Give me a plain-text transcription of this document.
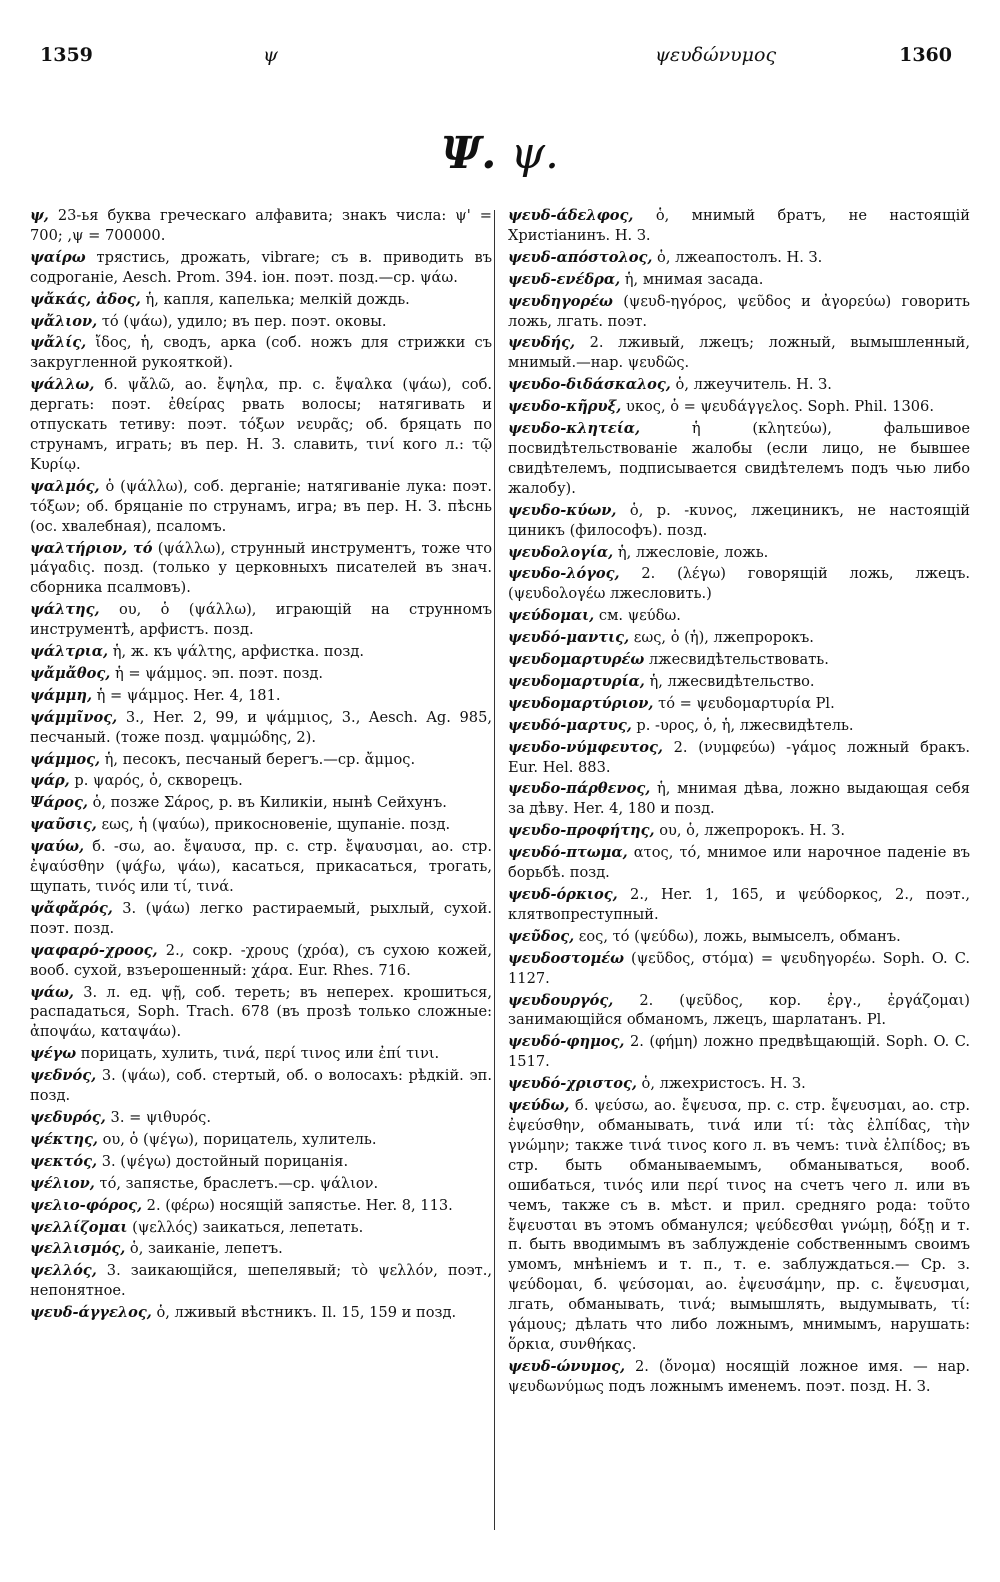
1359	ψ	ψευδώνυμος	1360
Ψ. ψ.

ψ, 23-ья буква греческаго алфавита; знакъ числа: ψ' = 700; ,ψ = 700000.

ψαίρω трястись, дрожать, vibrare; съ в. приводить въ содроганіе, Aesch. Prom. 394. іон. поэт. позд.—ср. ψάω.

ψἄκάς, ἀδος, ἡ, капля, капелька; мелкій дождь.

ψἄλιον, τό (ψάω), удило; въ пер. поэт. оковы.

ψἄλίς, ἴδος, ἡ, сводъ, арка (соб. ножъ для стрижки съ закругленной рукояткой).

ψάλλω, б. ψἄλῶ, ао. ἔψηλα, пр. с. ἔψαλκα (ψάω), соб. дергать: поэт. ἐθείρας рвать волосы; натягивать и отпускать тетиву: поэт. τόξων νευρᾶς; об. бряцать по струнамъ, играть; въ пер. Н. З. славить, τινί кого л.: τῷ Κυρίῳ.

ψαλμός, ὁ (ψάλλω), соб. дерганіе; натягиваніе лука: поэт. τόξων; об. бряцаніе по струнамъ, игра; въ пер. Н. З. пѣснь (ос. хвалебная), псаломъ.

ψαλτήριον, τό (ψάλλω), струнный инструментъ, тоже что μάγαδις. позд. (только у церковныхъ писателей въ знач. сборника псалмовъ).

ψάλτης, ου, ὁ (ψάλλω), играющій на струнномъ инструментѣ, арфистъ. позд.

ψάλτρια, ἡ, ж. къ ψάλτης, арфистка. позд.

ψἄμἄθος, ἡ = ψάμμος. эп. поэт. позд.

ψάμμη, ἡ = ψάμμος. Her. 4, 181.

ψάμμῖνος, 3., Her. 2, 99, и ψάμμιος, 3., Aesch. Ag. 985, песчаный. (тоже позд. ψαμμώδης, 2).

ψάμμος, ἡ, песокъ, песчаный берегъ.—ср. ἄμμος.

ψάρ, р. ψαρός, ὁ, скворецъ.

Ψάρος, ὁ, позже Σάρος, р. въ Киликіи, нынѣ Сейхунъ.

ψαῦσις, εως, ἡ (ψαύω), прикосновеніе, щупаніе. позд.

ψαύω, б. -σω, ао. ἔψαυσα, пр. с. стр. ἔψαυσμαι, ао. стр. ἐψαύσθην (ψάϝω, ψάω), касаться, прикасаться, трогать, щупать, τινός или τί, τινά.

ψἄφἄρός, 3. (ψάω) легко растираемый, рыхлый, сухой. поэт. позд.

ψαφαρό-χροος, 2., сокр. -χρους (χρόα), съ сухою кожей, вооб. сухой, взъерошенный: χάρα. Eur. Rhes. 716.

ψάω, 3. л. ед. ψῇ, соб. тереть; въ неперех. крошиться, распадаться, Soph. Trach. 678 (въ прозѣ только сложные: ἀποψάω, καταψάω).

ψέγω порицать, хулить, τινά, περί τινος или ἐπί τινι.

ψεδνός, 3. (ψάω), соб. стертый, об. о волосахъ: рѣдкій. эп. позд.

ψεδυρός, 3. = ψιθυρός.

ψέκτης, ου, ὁ (ψέγω), порицатель, хулитель.

ψεκτός, 3. (ψέγω) достойный порицанія.

ψέλιον, τό, запястье, браслетъ.—ср. ψάλιον.

ψελιο-φόρος, 2. (φέρω) носящій запястье. Her. 8, 113.

ψελλίζομαι (ψελλός) заикаться, лепетать.

ψελλισμός, ὁ, заиканіе, лепетъ.

ψελλός, 3. заикающійся, шепелявый; τὸ ψελλόν, поэт., непонятное.

ψευδ-άγγελος, ὁ, лживый вѣстникъ. Il. 15, 159 и позд.

ψευδ-άδελφος, ὁ, мнимый братъ, не настоящій Христіанинъ. Н. З.

ψευδ-απόστολος, ὁ, лжеапостолъ. Н. З.

ψευδ-ενέδρα, ἡ, мнимая засада.

ψευδηγορέω (ψευδ-ηγόρος, ψεῦδος и ἀγορεύω) говорить ложь, лгать. поэт.

ψευδής, 2. лживый, лжецъ; ложный, вымышленный, мнимый.—нар. ψευδῶς.

ψευδο-διδάσκαλος, ὁ, лжеучитель. Н. З.

ψευδο-κῆρυξ, υκος, ὁ = ψευδάγγελος. Soph. Phil. 1306.

ψευδο-κλητεία, ἡ (κλητεύω), фальшивое посвидѣтельствованіе жалобы (если лицо, не бывшее свидѣтелемъ, подписывается свидѣтелемъ подъ чью либо жалобу).

ψευδο-κύων, ὁ, р. -κυνος, лжециникъ, не настоящій циникъ (философъ). позд.

ψευδολογία, ἡ, лжесловіе, ложь.

ψευδο-λόγος, 2. (λέγω) говорящій ложь, лжецъ. (ψευδολογέω лжесловить.)

ψεύδομαι, см. ψεύδω.

ψευδό-μαντις, εως, ὁ (ἡ), лжепророкъ.

ψευδομαρτυρέω лжесвидѣтельствовать.

ψευδομαρτυρία, ἡ, лжесвидѣтельство.

ψευδομαρτύριον, τό = ψευδομαρτυρία Pl.

ψευδό-μαρτυς, р. -υρος, ὁ, ἡ, лжесвидѣтель.

ψευδο-νύμφευτος, 2. (νυμφεύω) -γάμος ложный бракъ. Eur. Hel. 883.

ψευδο-πάρθενος, ἡ, мнимая дѣва, ложно выдающая себя за дѣву. Her. 4, 180 и позд.

ψευδο-προφήτης, ου, ὁ, лжепророкъ. Н. З.

ψευδό-πτωμα, ατος, τό, мнимое или нарочное паденіе въ борьбѣ. позд.

ψευδ-όρκιος, 2., Her. 1, 165, и ψεύδορκος, 2., поэт., клятвопреступный.

ψεῦδος, εος, τό (ψεύδω), ложь, вымыселъ, обманъ.

ψευδοστομέω (ψεῦδος, στόμα) = ψευδηγορέω. Soph. O. C. 1127.

ψευδουργός, 2. (ψεῦδος, кор. ἐργ., ἐργάζομαι) занимающійся обманомъ, лжецъ, шарлатанъ. Pl.

ψευδό-φημος, 2. (φήμη) ложно предвѣщающій. Soph. O. C. 1517.

ψευδό-χριστος, ὁ, лжехристосъ. Н. З.

ψεύδω, б. ψεύσω, ао. ἔψευσα, пр. с. стр. ἔψευσμαι, ао. стр. ἐψεύσθην, обманывать, τινά или τί: τὰς ἐλπίδας, τὴν γνώμην; также τινά τινος кого л. въ чемъ: τινὰ ἐλπίδος; въ стр. быть обманываемымъ, обманываться, вооб. ошибаться, τινός или περί τινος на счетъ чего л. или въ чемъ, также съ в. мѣст. и прил. средняго рода: τοῦτο ἔψευσται въ этомъ обманулся; ψεύδεσθαι γνώμῃ, δόξῃ и т. п. быть вводимымъ въ заблужденіе собственнымъ своимъ умомъ, мнѣніемъ и т. п., т. е. заблуждаться.— Ср. з. ψεύδομαι, б. ψεύσομαι, ао. ἐψευσάμην, пр. с. ἔψευσμαι, лгать, обманывать, τινά; вымышлять, выдумывать, τί: γάμους; дѣлать что либо ложнымъ, мнимымъ, нарушать: ὅρκια, συνθήκας.

ψευδ-ώνυμος, 2. (ὄνομα) носящій ложное имя. — нар. ψευδωνύμως подъ ложнымъ именемъ. поэт. позд. Н. З.
